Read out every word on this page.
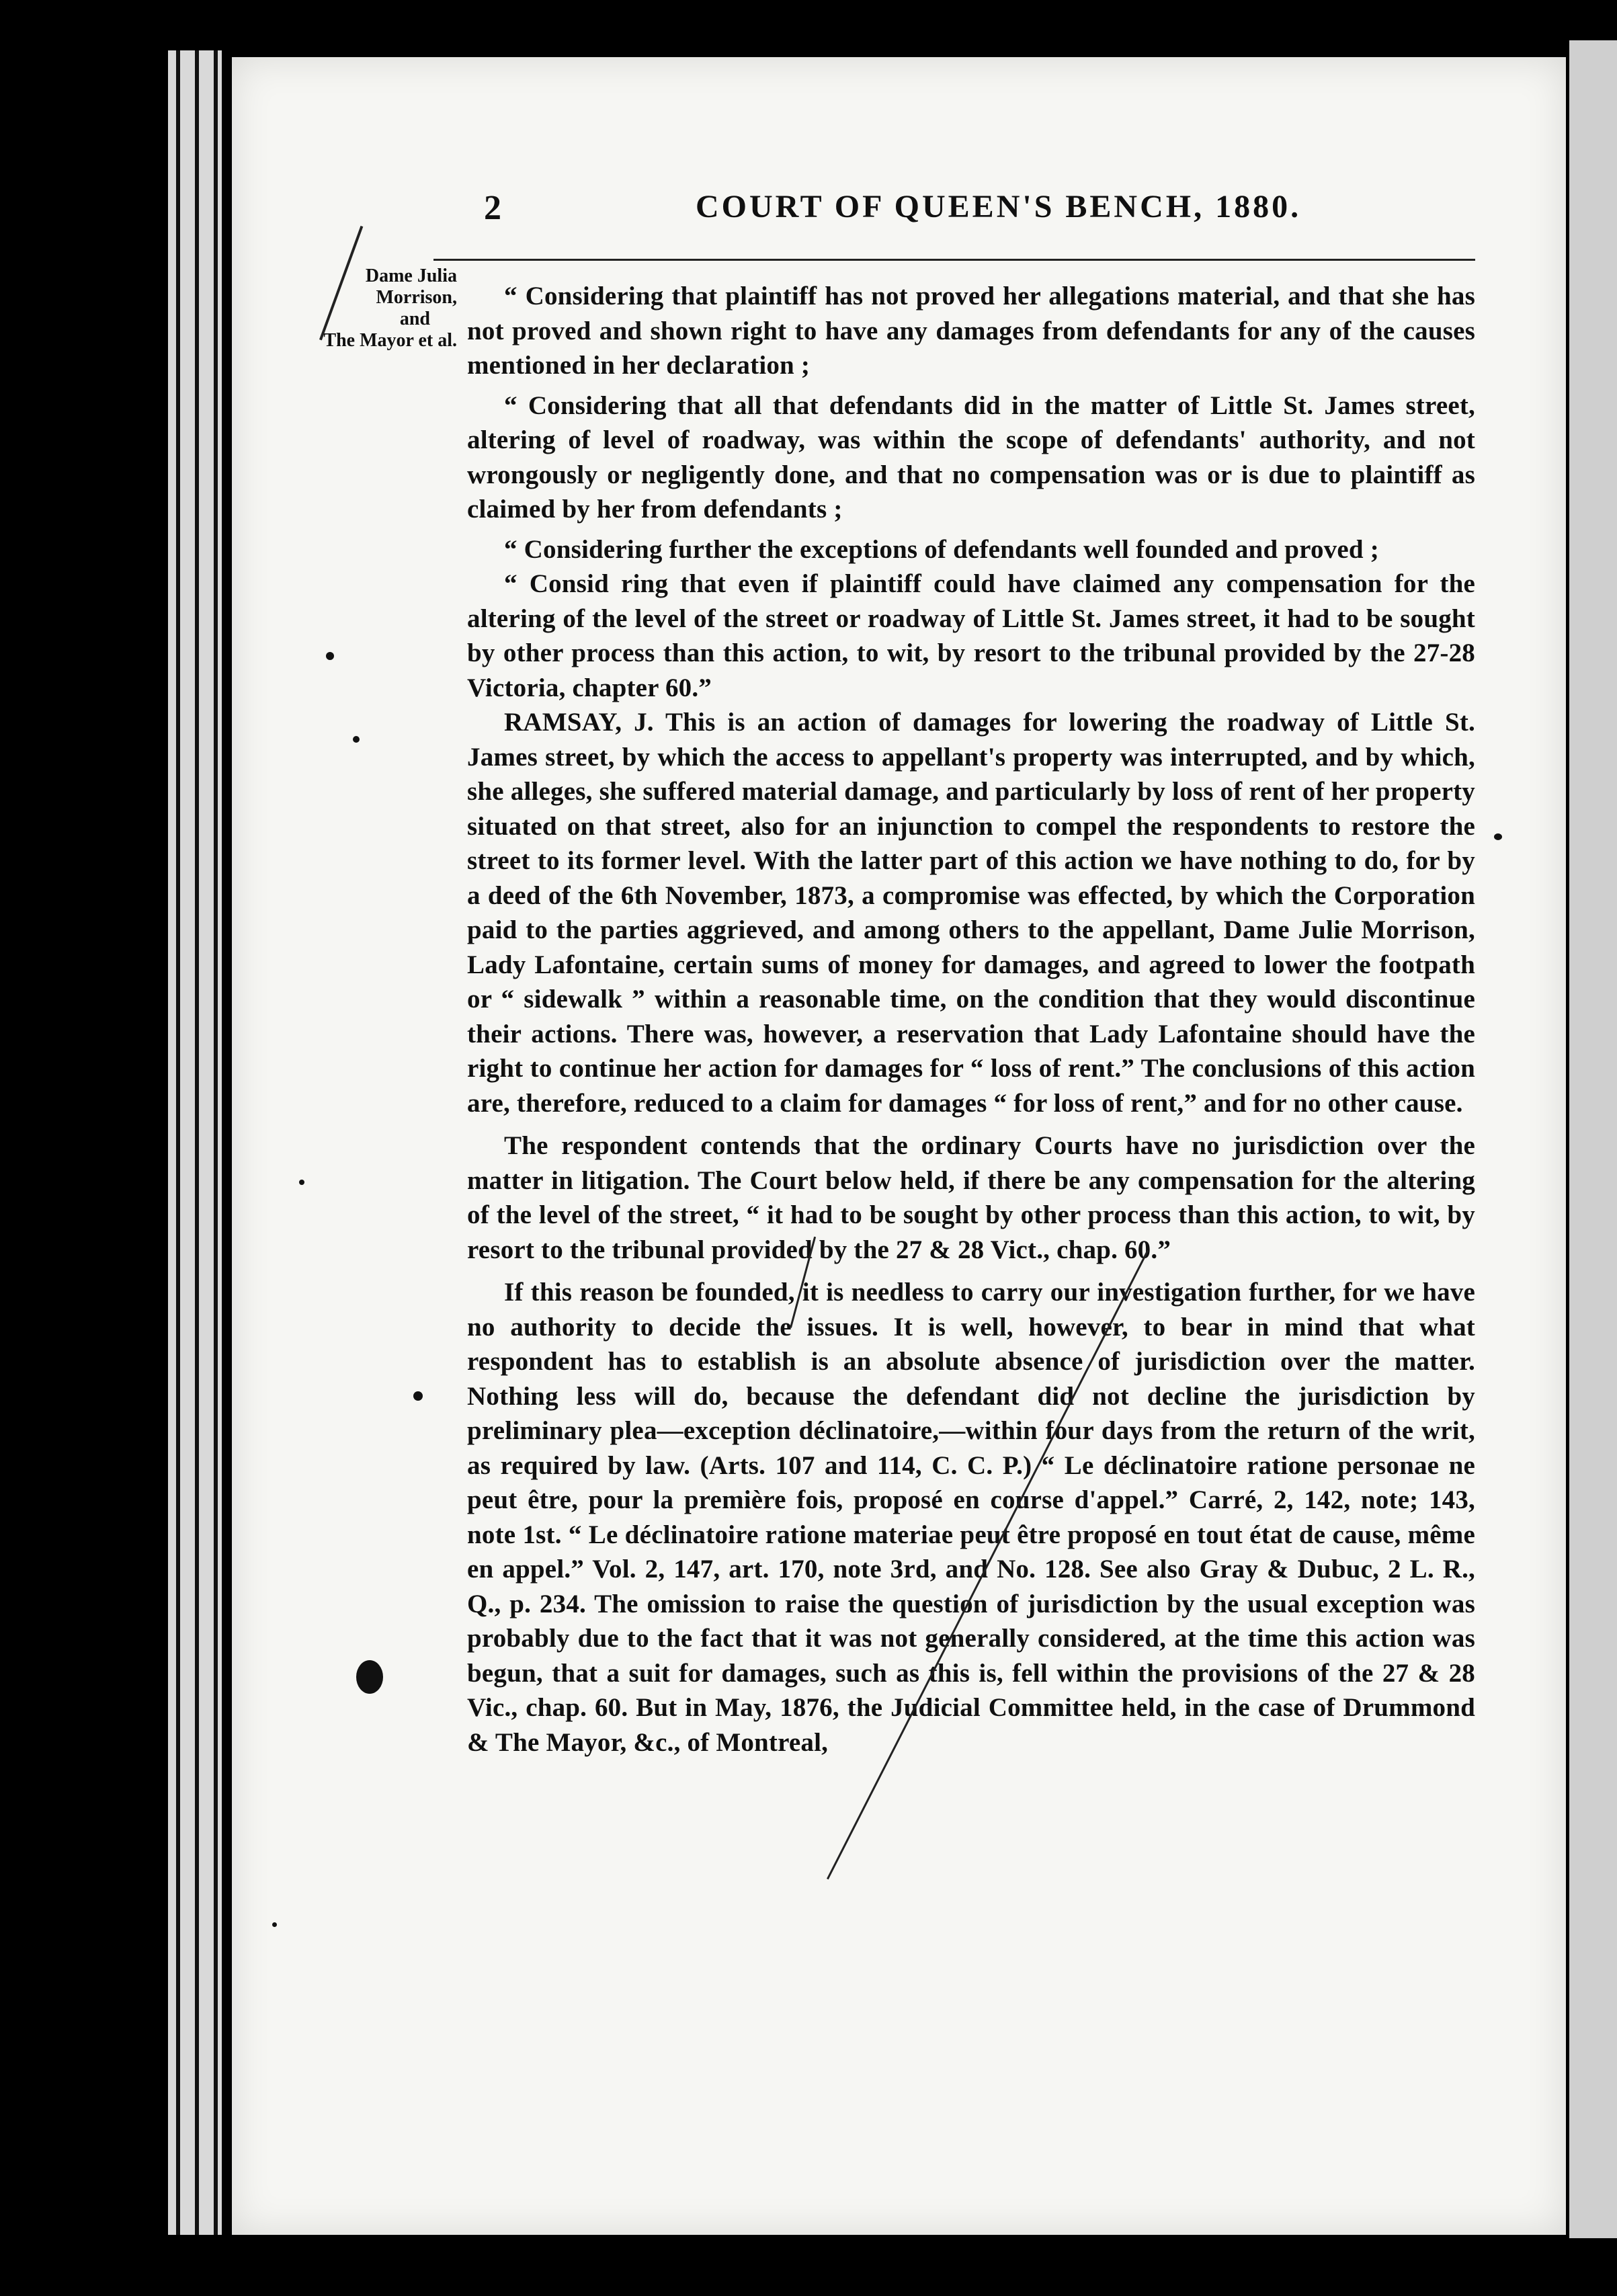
2	COURT OF QUEEN'S BENCH, 1880.
Dame Julia
Morrison,
and
The Mayor et al.

“ Considering that plaintiff has not proved her allegations material, and that she has not proved and shown right to have any damages from defendants for any of the causes mentioned in her declaration ;

“ Considering that all that defendants did in the matter of Little St. James street, altering of level of roadway, was within the scope of defendants' authority, and not wrongously or negligently done, and that no compensation was or is due to plaintiff as claimed by her from defendants ;

“ Considering further the exceptions of defendants well founded and proved ;

“ Consid ring that even if plaintiff could have claimed any compensation for the altering of the level of the street or roadway of Little St. James street, it had to be sought by other process than this action, to wit, by resort to the tribunal provided by the 27-28 Victoria, chapter 60.”

RAMSAY, J. This is an action of damages for lowering the roadway of Little St. James street, by which the access to appellant's property was interrupted, and by which, she alleges, she suffered material damage, and particularly by loss of rent of her property situated on that street, also for an injunction to compel the respondents to restore the street to its former level. With the latter part of this action we have nothing to do, for by a deed of the 6th November, 1873, a compromise was effected, by which the Corporation paid to the parties aggrieved, and among others to the appellant, Dame Julie Morrison, Lady Lafontaine, certain sums of money for damages, and agreed to lower the footpath or “ sidewalk ” within a reasonable time, on the condition that they would discontinue their actions. There was, however, a reservation that Lady Lafontaine should have the right to continue her action for damages for “ loss of rent.” The conclusions of this action are, therefore, reduced to a claim for damages “ for loss of rent,” and for no other cause.

The respondent contends that the ordinary Courts have no jurisdiction over the matter in litigation. The Court below held, if there be any compensation for the altering of the level of the street, “ it had to be sought by other process than this action, to wit, by resort to the tribunal provided by the 27 & 28 Vict., chap. 60.”

If this reason be founded, it is needless to carry our investigation further, for we have no authority to decide the issues. It is well, however, to bear in mind that what respondent has to establish is an absolute absence of jurisdiction over the matter. Nothing less will do, because the defendant did not decline the jurisdiction by preliminary plea—exception déclinatoire,—within four days from the return of the writ, as required by law. (Arts. 107 and 114, C. C. P.) “ Le déclinatoire ratione personae ne peut être, pour la première fois, proposé en course d'appel.” Carré, 2, 142, note; 143, note 1st. “ Le déclinatoire ratione materiae peut être proposé en tout état de cause, même en appel.” Vol. 2, 147, art. 170, note 3rd, and No. 128. See also Gray & Dubuc, 2 L. R., Q., p. 234. The omission to raise the question of jurisdiction by the usual exception was probably due to the fact that it was not generally considered, at the time this action was begun, that a suit for damages, such as this is, fell within the provisions of the 27 & 28 Vic., chap. 60. But in May, 1876, the Judicial Committee held, in the case of Drummond & The Mayor, &c., of Montreal,
